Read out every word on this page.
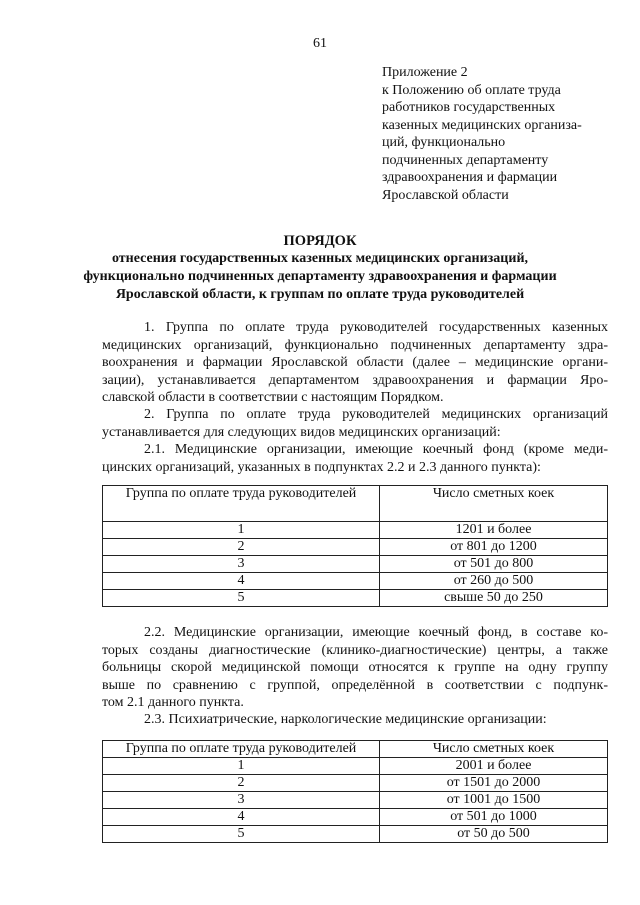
61
Приложение 2
к Положению об оплате труда
работников государственных
казенных медицинских организа-
ций, функционально
подчиненных департаменту
здравоохранения и фармации
Ярославской области
ПОРЯДОК
отнесения государственных казенных медицинских организаций,
функционально подчиненных департаменту здравоохранения и фармации
Ярославской области, к группам по оплате труда руководителей
1. Группа по оплате труда руководителей государственных казенных
медицинских организаций, функционально подчиненных департаменту здра-
воохранения и фармации Ярославской области (далее – медицинские органи-
зации), устанавливается департаментом здравоохранения и фармации Яро-
славской области в соответствии с настоящим Порядком.
2. Группа по оплате труда руководителей медицинских организаций
устанавливается для следующих видов медицинских организаций:
2.1. Медицинские организации, имеющие коечный фонд (кроме меди-
цинских организаций, указанных в подпунктах 2.2 и 2.3 данного пункта):
Группа по оплате труда руководителей	Число сметных коек
1	1201 и более
2	от 801 до 1200
3	от 501 до 800
4	от 260 до 500
5	свыше 50 до 250
2.2. Медицинские организации, имеющие коечный фонд, в составе ко-
торых созданы диагностические (клинико-диагностические) центры, а также
больницы скорой медицинской помощи относятся к группе на одну группу
выше по сравнению с группой, определённой в соответствии с подпунк-
том 2.1 данного пункта.
2.3. Психиатрические, наркологические медицинские организации:
Группа по оплате труда руководителей	Число сметных коек
1	2001 и более
2	от 1501 до 2000
3	от 1001 до 1500
4	от 501 до 1000
5	от 50 до 500
